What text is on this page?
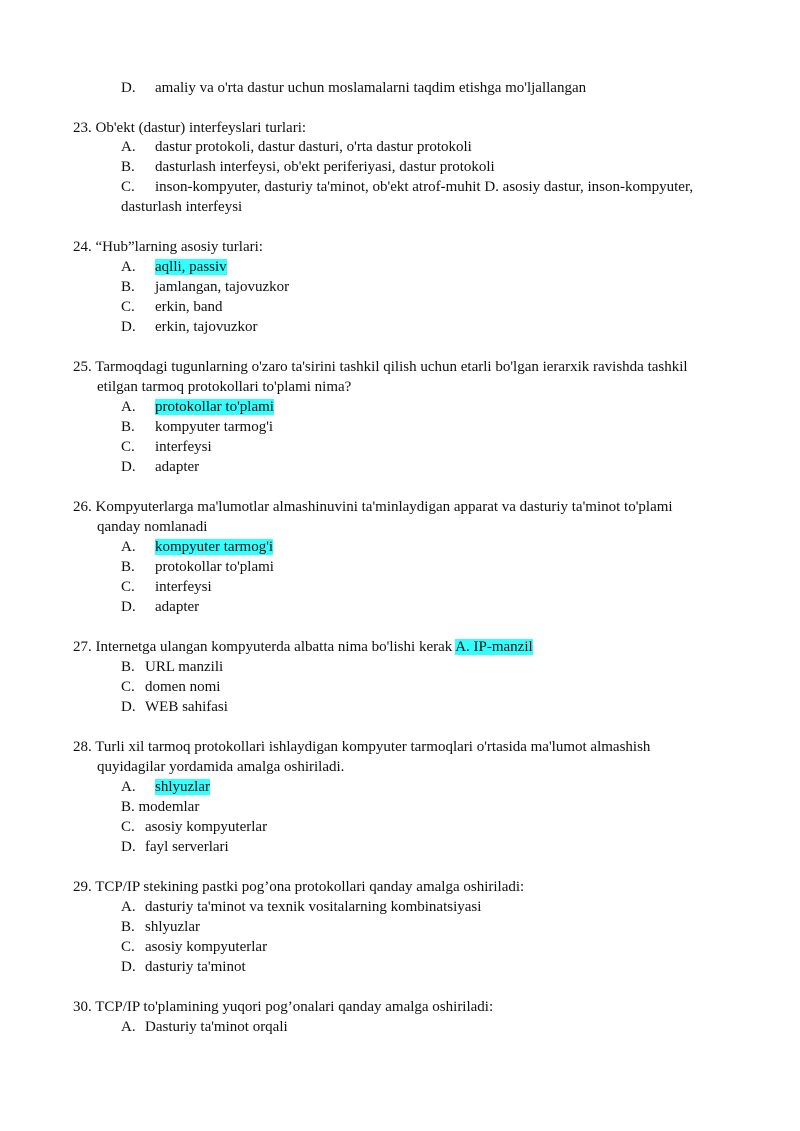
D. amaliy va o'rta dastur uchun moslamalarni taqdim etishga mo'ljallangan
23. Ob'ekt (dastur) interfeyslari turlari:
A. dastur protokoli, dastur dasturi, o'rta dastur protokoli
B. dasturlash interfeysi, ob'ekt periferiyasi, dastur protokoli
C. inson-kompyuter, dasturiy ta'minot, ob'ekt atrof-muhit D. asosiy dastur, inson-kompyuter,
dasturlash interfeysi
24. “Hub”larning asosiy turlari:
A. aqlli, passiv
B. jamlangan, tajovuzkor
C. erkin, band
D. erkin, tajovuzkor
25. Tarmoqdagi tugunlarning o'zaro ta'sirini tashkil qilish uchun etarli bo'lgan ierarxik ravishda tashkil
etilgan tarmoq protokollari to'plami nima?
A. protokollar to'plami
B. kompyuter tarmog'i
C. interfeysi
D. adapter
26. Kompyuterlarga ma'lumotlar almashinuvini ta'minlaydigan apparat va dasturiy ta'minot to'plami
qanday nomlanadi
A. kompyuter tarmog'i
B. protokollar to'plami
C. interfeysi
D. adapter
27. Internetga ulangan kompyuterda albatta nima bo'lishi kerak A. IP-manzil
B. URL manzili
C. domen nomi
D. WEB sahifasi
28. Turli xil tarmoq protokollari ishlaydigan kompyuter tarmoqlari o'rtasida ma'lumot almashish
quyidagilar yordamida amalga oshiriladi.
A. shlyuzlar
B. modemlar
C. asosiy kompyuterlar
D. fayl serverlari
29. TCP/IP stekining pastki pog’ona protokollari qanday amalga oshiriladi:
A. dasturiy ta'minot va texnik vositalarning kombinatsiyasi
B. shlyuzlar
C. asosiy kompyuterlar
D. dasturiy ta'minot
30. TCP/IP to'plamining yuqori pog’onalari qanday amalga oshiriladi:
A. Dasturiy ta'minot orqali
